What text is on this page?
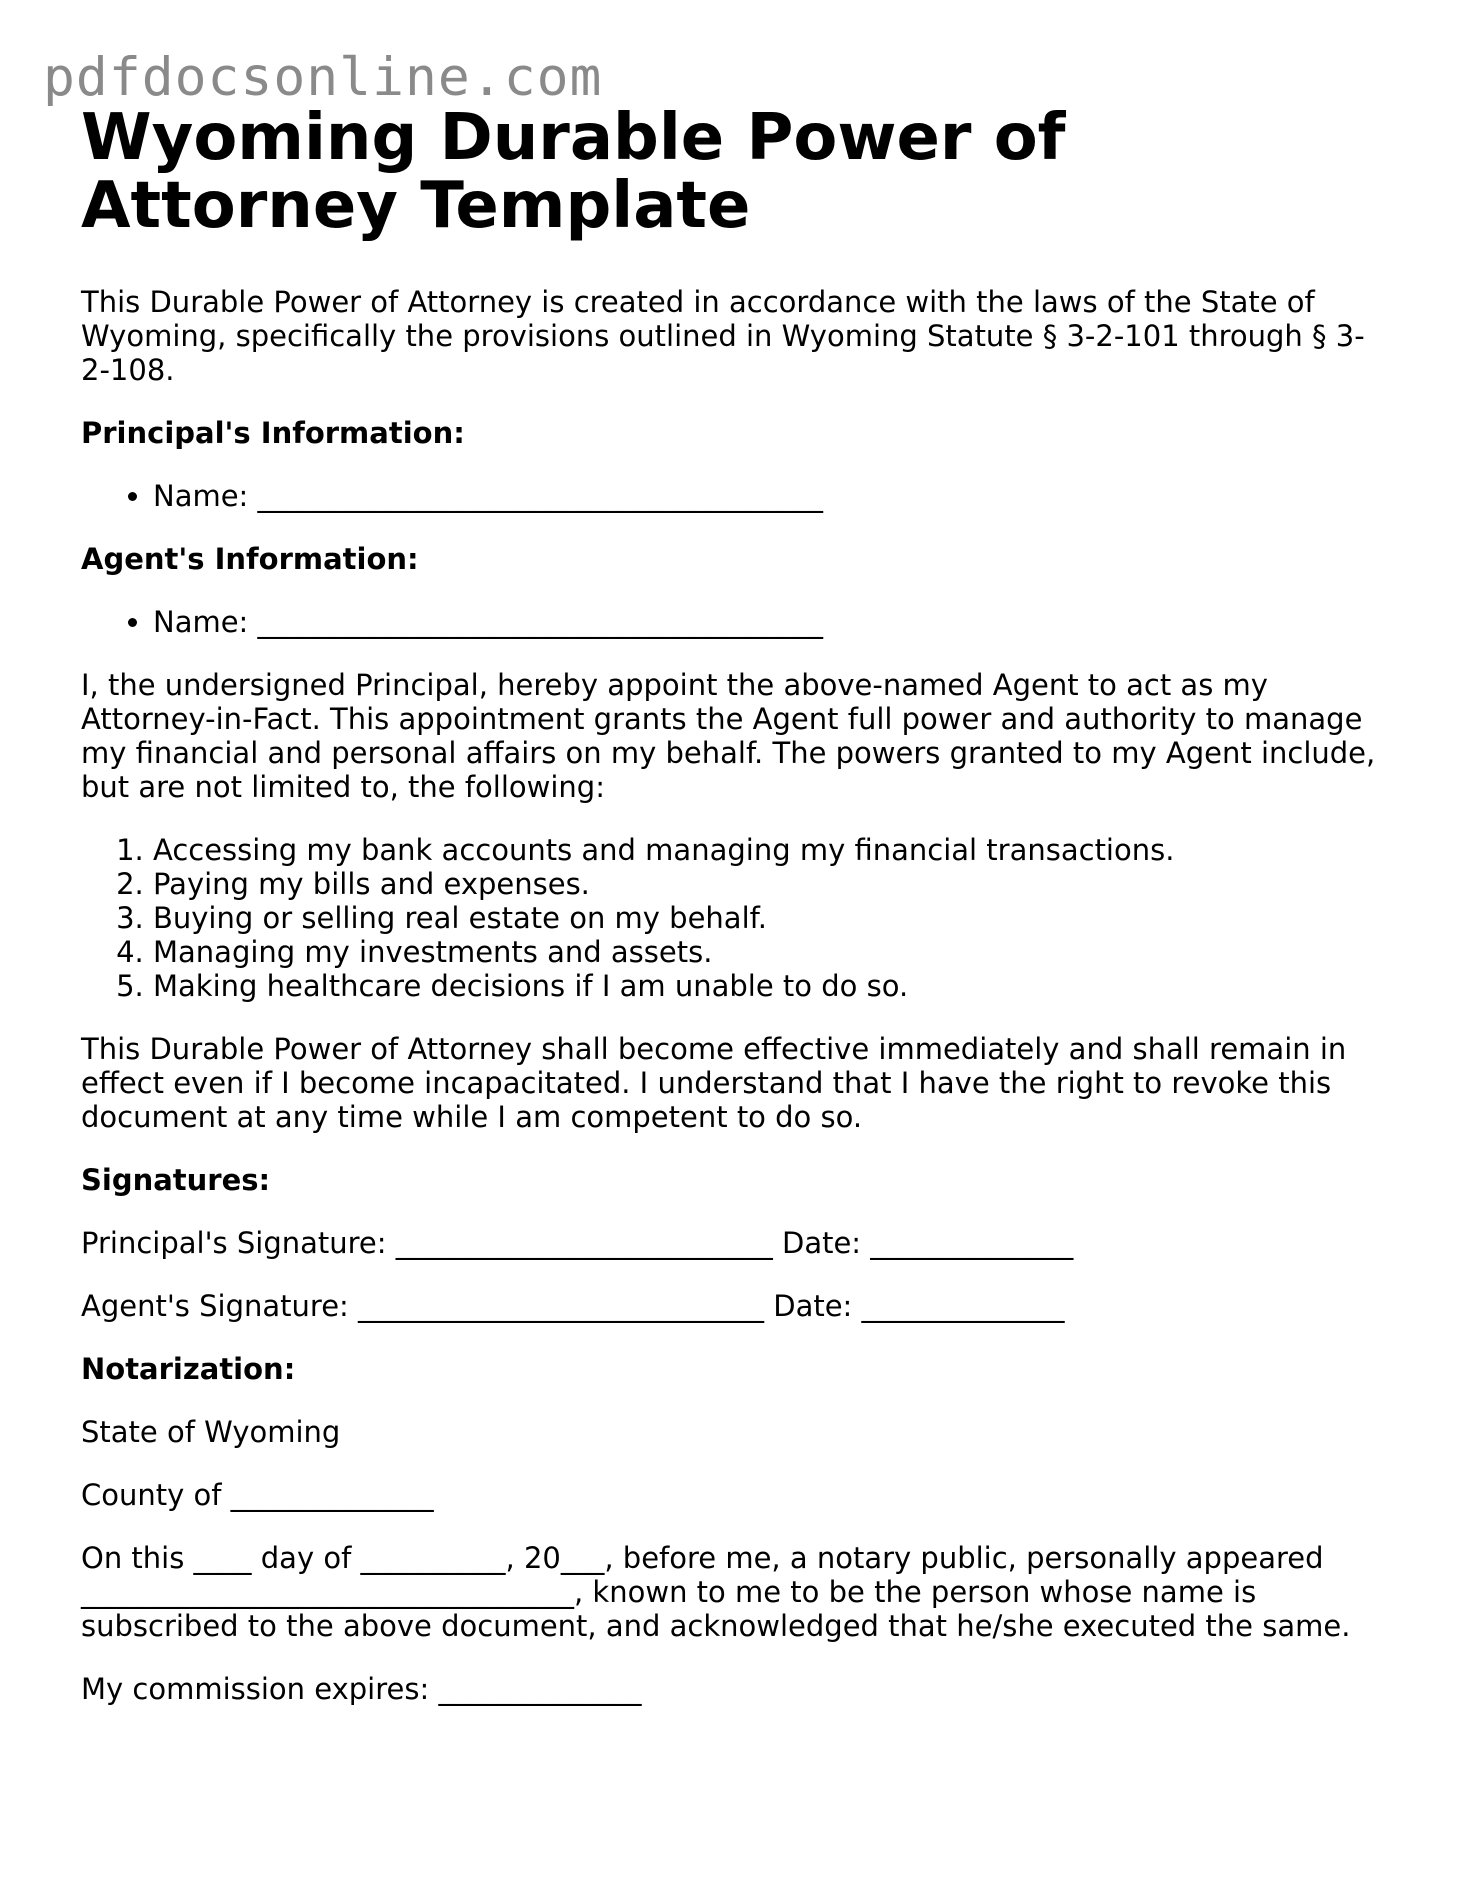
pdfdocsonline.com
Wyoming Durable Power of Attorney Template

This Durable Power of Attorney is created in accordance with the laws of the State of Wyoming, specifically the provisions outlined in Wyoming Statute § 3-2-101 through § 3-2-108.

Principal's Information:
• Name: _______________________________________
Agent's Information:
• Name: _______________________________________

I, the undersigned Principal, hereby appoint the above-named Agent to act as my Attorney-in-Fact. This appointment grants the Agent full power and authority to manage my financial and personal affairs on my behalf. The powers granted to my Agent include, but are not limited to, the following:

1. Accessing my bank accounts and managing my financial transactions.
2. Paying my bills and expenses.
3. Buying or selling real estate on my behalf.
4. Managing my investments and assets.
5. Making healthcare decisions if I am unable to do so.

This Durable Power of Attorney shall become effective immediately and shall remain in effect even if I become incapacitated. I understand that I have the right to revoke this document at any time while I am competent to do so.

Signatures:

Principal's Signature: __________________________ Date: ______________

Agent's Signature: ____________________________ Date: ______________

Notarization:

State of Wyoming

County of ______________

On this ____ day of __________, 20___, before me, a notary public, personally appeared __________________________________, known to me to be the person whose name is subscribed to the above document, and acknowledged that he/she executed the same.

My commission expires: ______________
